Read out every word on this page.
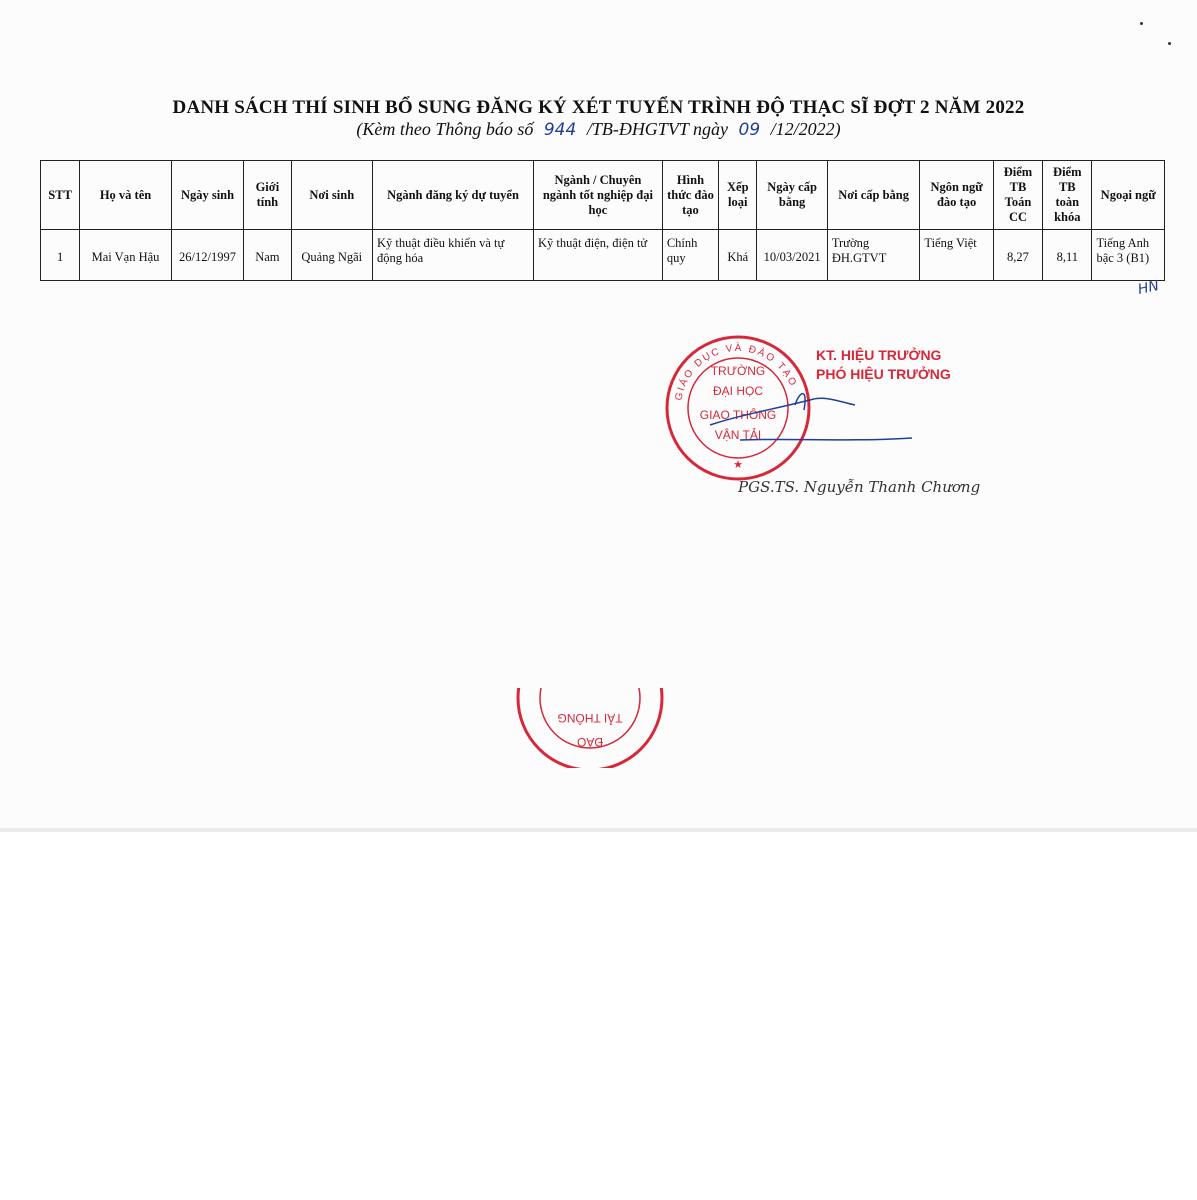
DANH SÁCH THÍ SINH BỔ SUNG ĐĂNG KÝ XÉT TUYỂN TRÌNH ĐỘ THẠC SĨ ĐỢT 2 NĂM 2022
(Kèm theo Thông báo số 944 /TB-ĐHGTVT ngày 09 /12/2022)
STT	Họ và tên	Ngày sinh	Giới tính	Nơi sinh	Ngành đăng ký dự tuyển	Ngành / Chuyên ngành tốt nghiệp đại học	Hình thức đào tạo	Xếp loại	Ngày cấp bằng	Nơi cấp bằng	Ngôn ngữ đào tạo	Điểm TB Toán CC	Điểm TB toàn khóa	Ngoại ngữ
1	Mai Vạn Hậu	26/12/1997	Nam	Quảng Ngãi	Kỹ thuật điều khiển và tự động hóa	Kỹ thuật điện, điện tử	Chính quy	Khá	10/03/2021	Trường ĐH.GTVT	Tiếng Việt	8,27	8,11	Tiếng Anh bậc 3 (B1)
HN
GIÁO DỤC VÀ ĐÀO TẠO
TRƯỜNG
ĐẠI HỌC
GIAO THÔNG
VẬN TẢI
★
KT. HIỆU TRƯỞNG
PHÓ HIỆU TRƯỞNG
PGS.TS. Nguyễn Thanh Chương
ĐÀO
TẢI THÔNG
